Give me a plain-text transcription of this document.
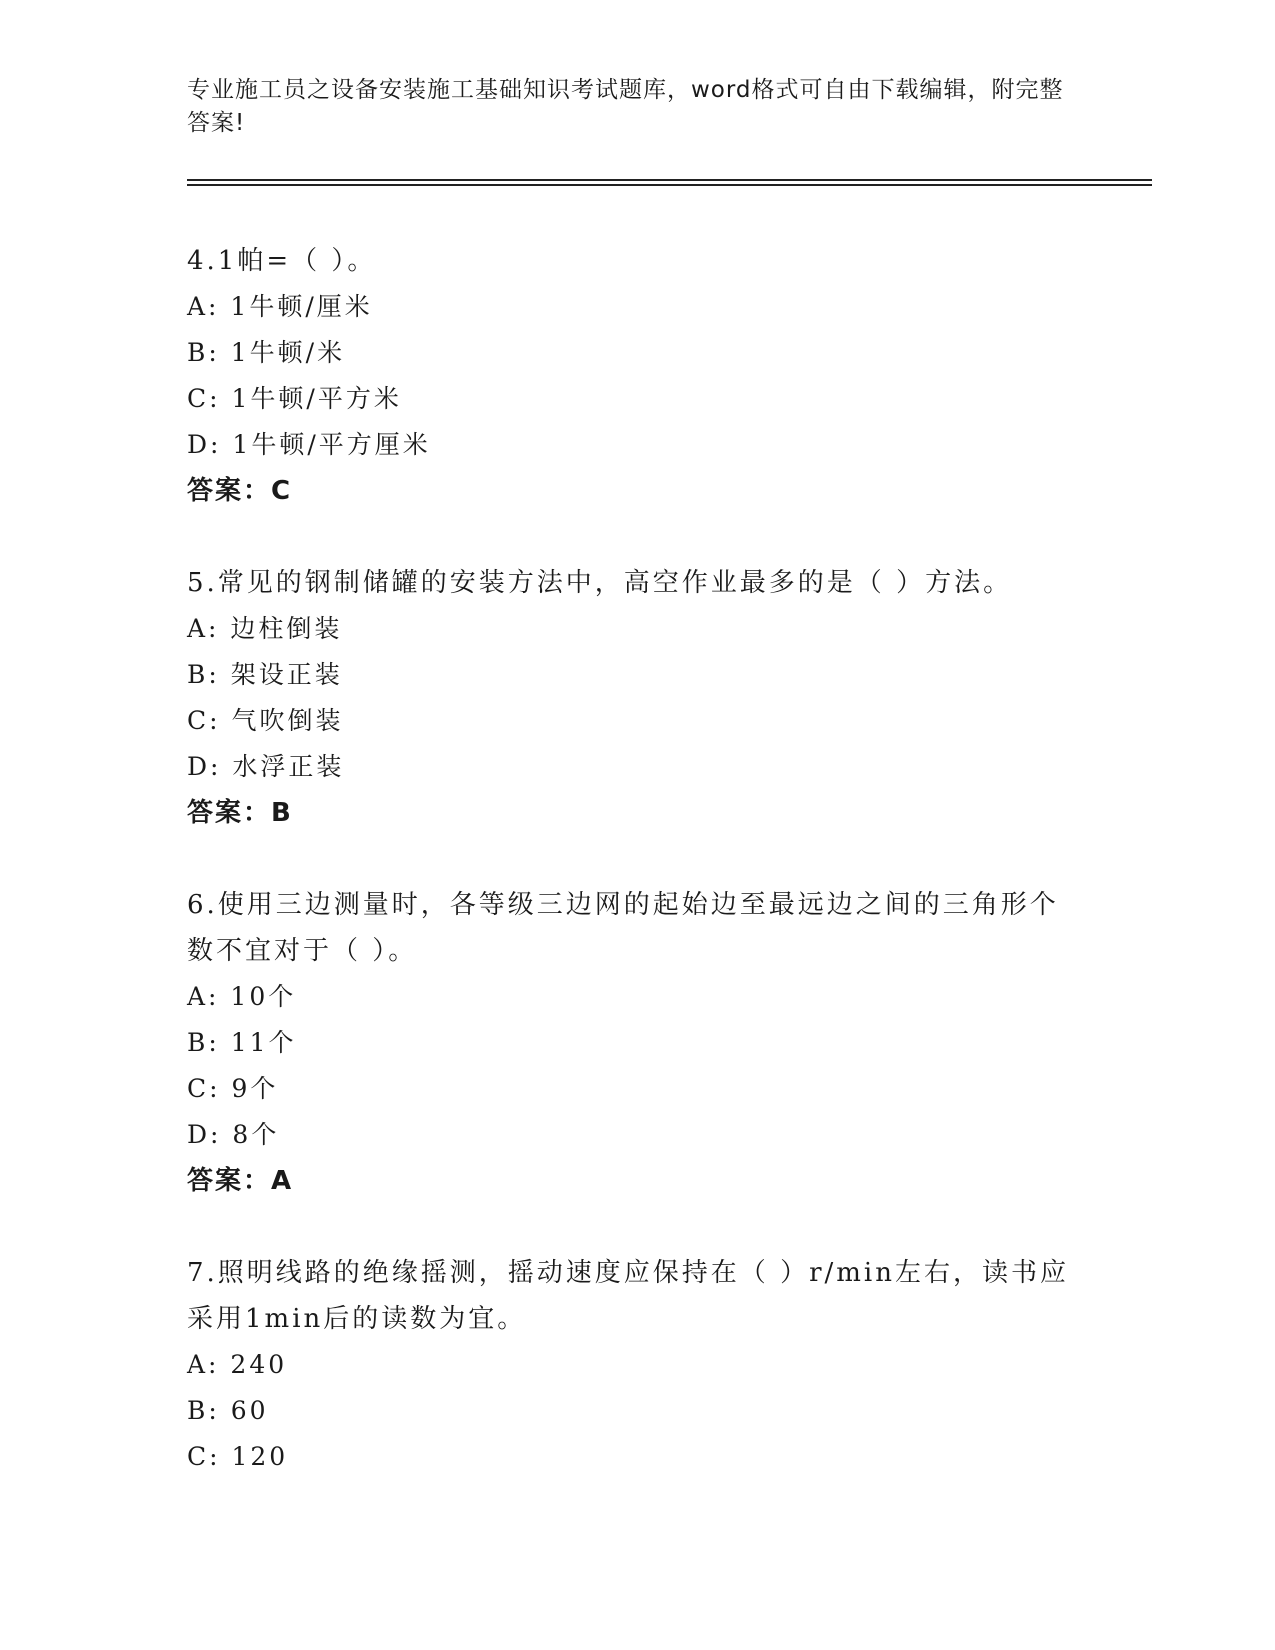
专业施工员之设备安装施工基础知识考试题库，word格式可自由下载编辑，附完整答案!
4.1帕=（ ）。
A: 1牛顿/厘米
B: 1牛顿/米
C: 1牛顿/平方米
D: 1牛顿/平方厘米
答案：C
5.常见的钢制储罐的安装方法中，高空作业最多的是（ ）方法。
A: 边柱倒装
B: 架设正装
C: 气吹倒装
D: 水浮正装
答案：B
6.使用三边测量时，各等级三边网的起始边至最远边之间的三角形个数不宜对于（ ）。
A: 10个
B: 11个
C: 9个
D: 8个
答案：A
7.照明线路的绝缘摇测，摇动速度应保持在（ ）r/min左右，读书应采用1min后的读数为宜。
A: 240
B: 60
C: 120
